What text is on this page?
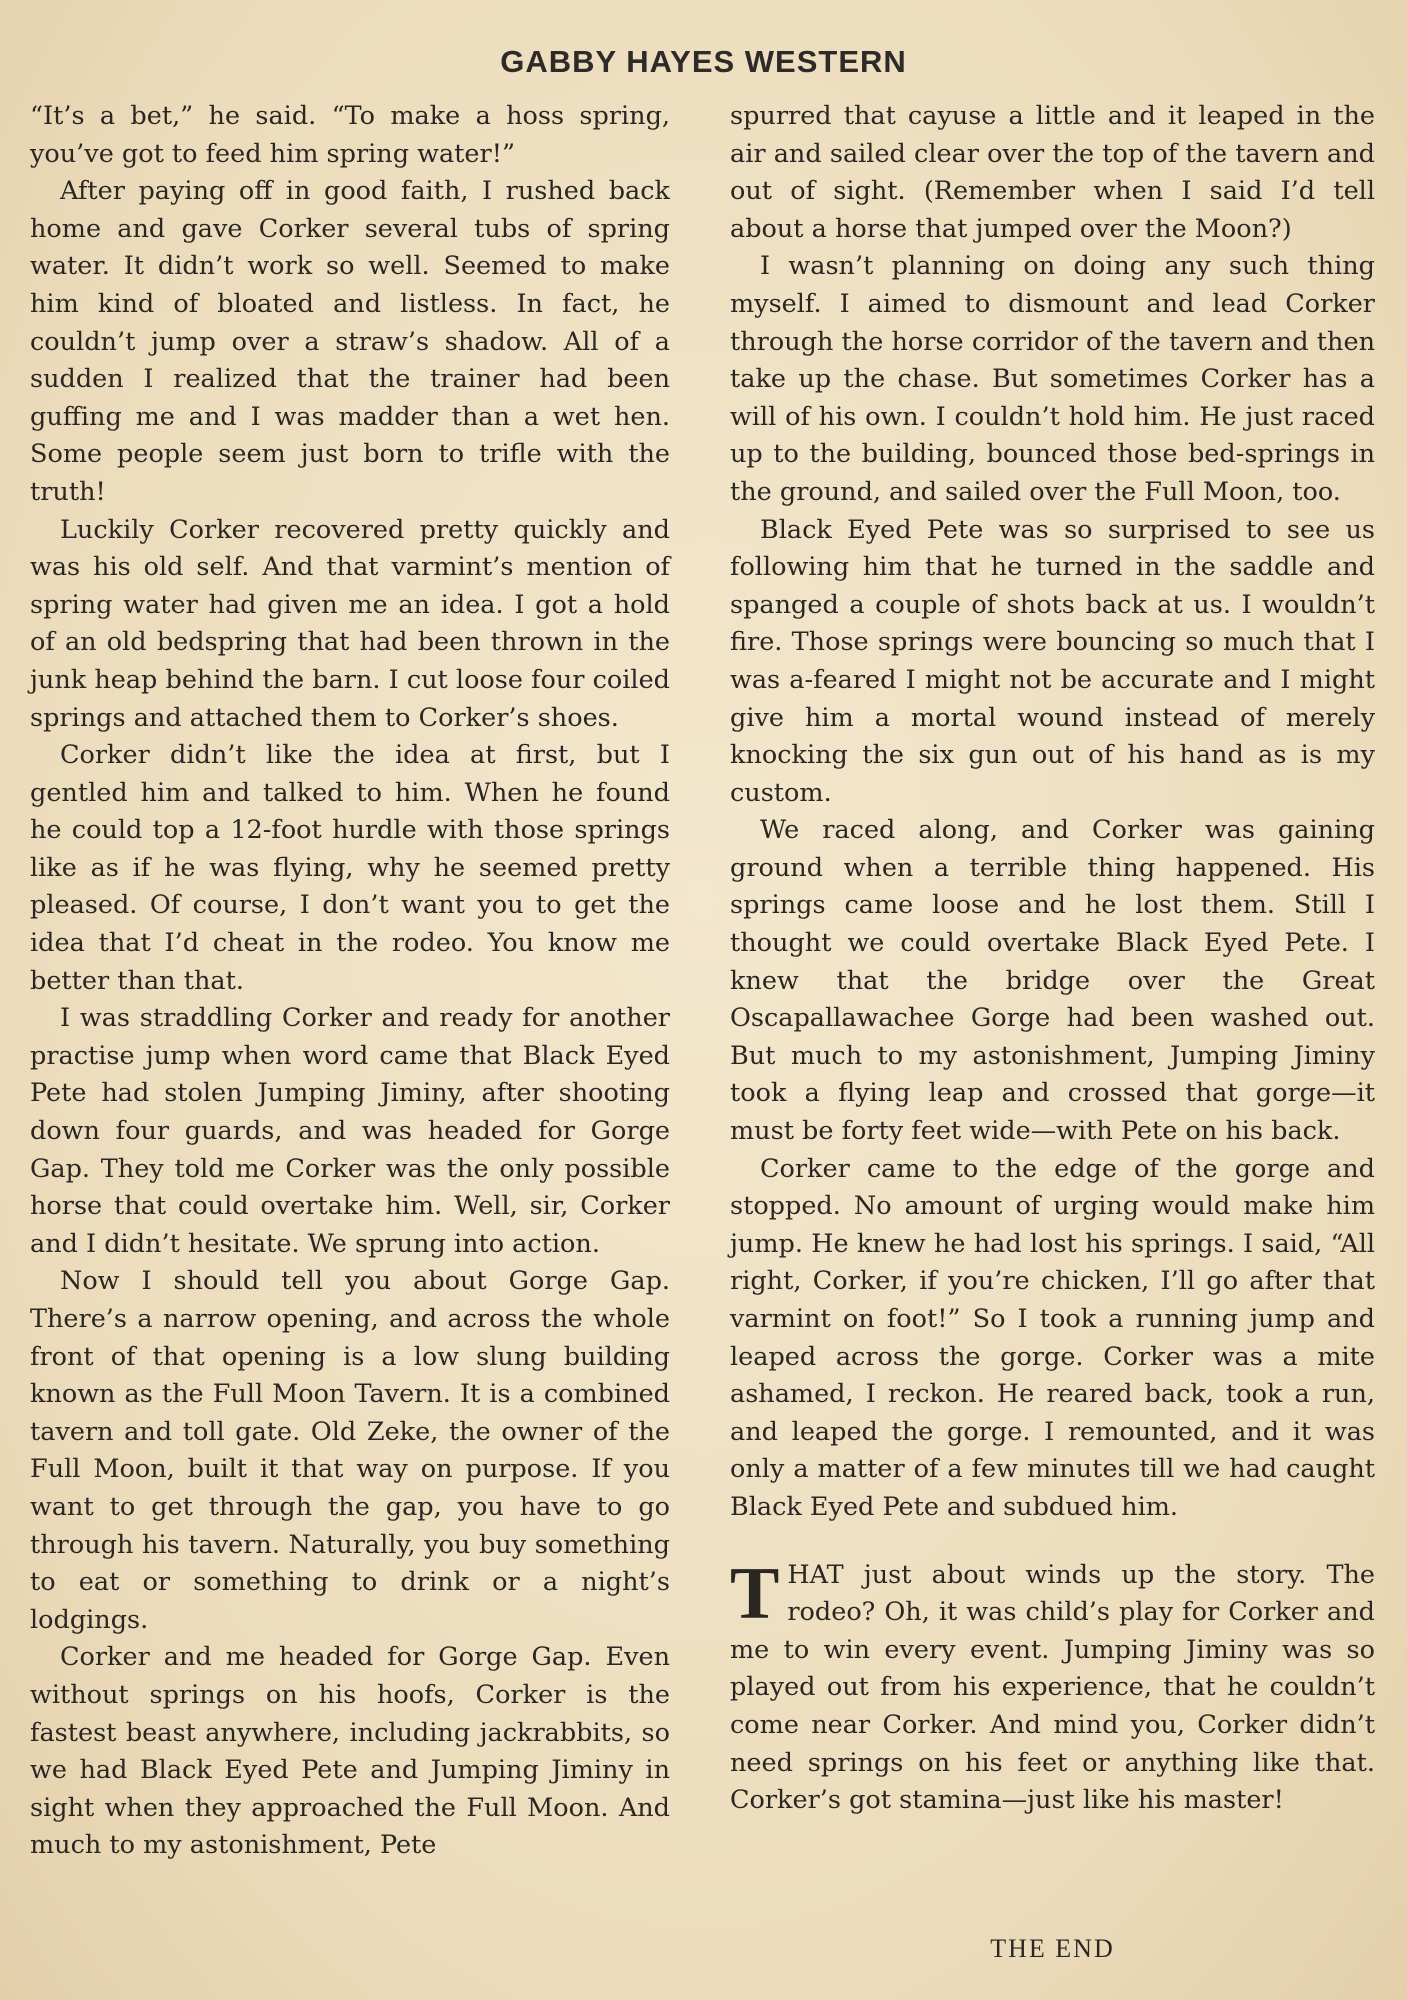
GABBY HAYES WESTERN

“It’s a bet,” he said. “To make a hoss spring, you’ve got to feed him spring water!”

After paying off in good faith, I rushed back home and gave Corker several tubs of spring water. It didn’t work so well. Seemed to make him kind of bloated and listless. In fact, he couldn’t jump over a straw’s shadow. All of a sudden I realized that the trainer had been guffing me and I was madder than a wet hen. Some people seem just born to trifle with the truth!

Luckily Corker recovered pretty quickly and was his old self. And that varmint’s mention of spring water had given me an idea. I got a hold of an old bedspring that had been thrown in the junk heap behind the barn. I cut loose four coiled springs and attached them to Corker’s shoes.

Corker didn’t like the idea at first, but I gentled him and talked to him. When he found he could top a 12-foot hurdle with those springs like as if he was flying, why he seemed pretty pleased. Of course, I don’t want you to get the idea that I’d cheat in the rodeo. You know me better than that.

I was straddling Corker and ready for another practise jump when word came that Black Eyed Pete had stolen Jumping Jiminy, after shooting down four guards, and was headed for Gorge Gap. They told me Corker was the only possible horse that could overtake him. Well, sir, Corker and I didn’t hesitate. We sprung into action.

Now I should tell you about Gorge Gap. There’s a narrow opening, and across the whole front of that opening is a low slung building known as the Full Moon Tavern. It is a combined tavern and toll gate. Old Zeke, the owner of the Full Moon, built it that way on purpose. If you want to get through the gap, you have to go through his tavern. Naturally, you buy something to eat or something to drink or a night’s lodgings.

Corker and me headed for Gorge Gap. Even without springs on his hoofs, Corker is the fastest beast anywhere, including jackrabbits, so we had Black Eyed Pete and Jumping Jiminy in sight when they approached the Full Moon. And much to my astonishment, Pete

spurred that cayuse a little and it leaped in the air and sailed clear over the top of the tavern and out of sight. (Remember when I said I’d tell about a horse that jumped over the Moon?)

I wasn’t planning on doing any such thing myself. I aimed to dismount and lead Corker through the horse corridor of the tavern and then take up the chase. But sometimes Corker has a will of his own. I couldn’t hold him. He just raced up to the building, bounced those bed-springs in the ground, and sailed over the Full Moon, too.

Black Eyed Pete was so surprised to see us following him that he turned in the saddle and spanged a couple of shots back at us. I wouldn’t fire. Those springs were bouncing so much that I was a-feared I might not be accurate and I might give him a mortal wound instead of merely knocking the six gun out of his hand as is my custom.

We raced along, and Corker was gaining ground when a terrible thing happened. His springs came loose and he lost them. Still I thought we could overtake Black Eyed Pete. I knew that the bridge over the Great Oscapallawachee Gorge had been washed out. But much to my astonishment, Jumping Jiminy took a flying leap and crossed that gorge—it must be forty feet wide—with Pete on his back.

Corker came to the edge of the gorge and stopped. No amount of urging would make him jump. He knew he had lost his springs. I said, “All right, Corker, if you’re chicken, I’ll go after that varmint on foot!” So I took a running jump and leaped across the gorge. Corker was a mite ashamed, I reckon. He reared back, took a run, and leaped the gorge. I remounted, and it was only a matter of a few minutes till we had caught Black Eyed Pete and subdued him.

THAT just about winds up the story. The rodeo? Oh, it was child’s play for Corker and me to win every event. Jumping Jiminy was so played out from his experience, that he couldn’t come near Corker. And mind you, Corker didn’t need springs on his feet or anything like that. Corker’s got stamina—just like his master!

THE END
